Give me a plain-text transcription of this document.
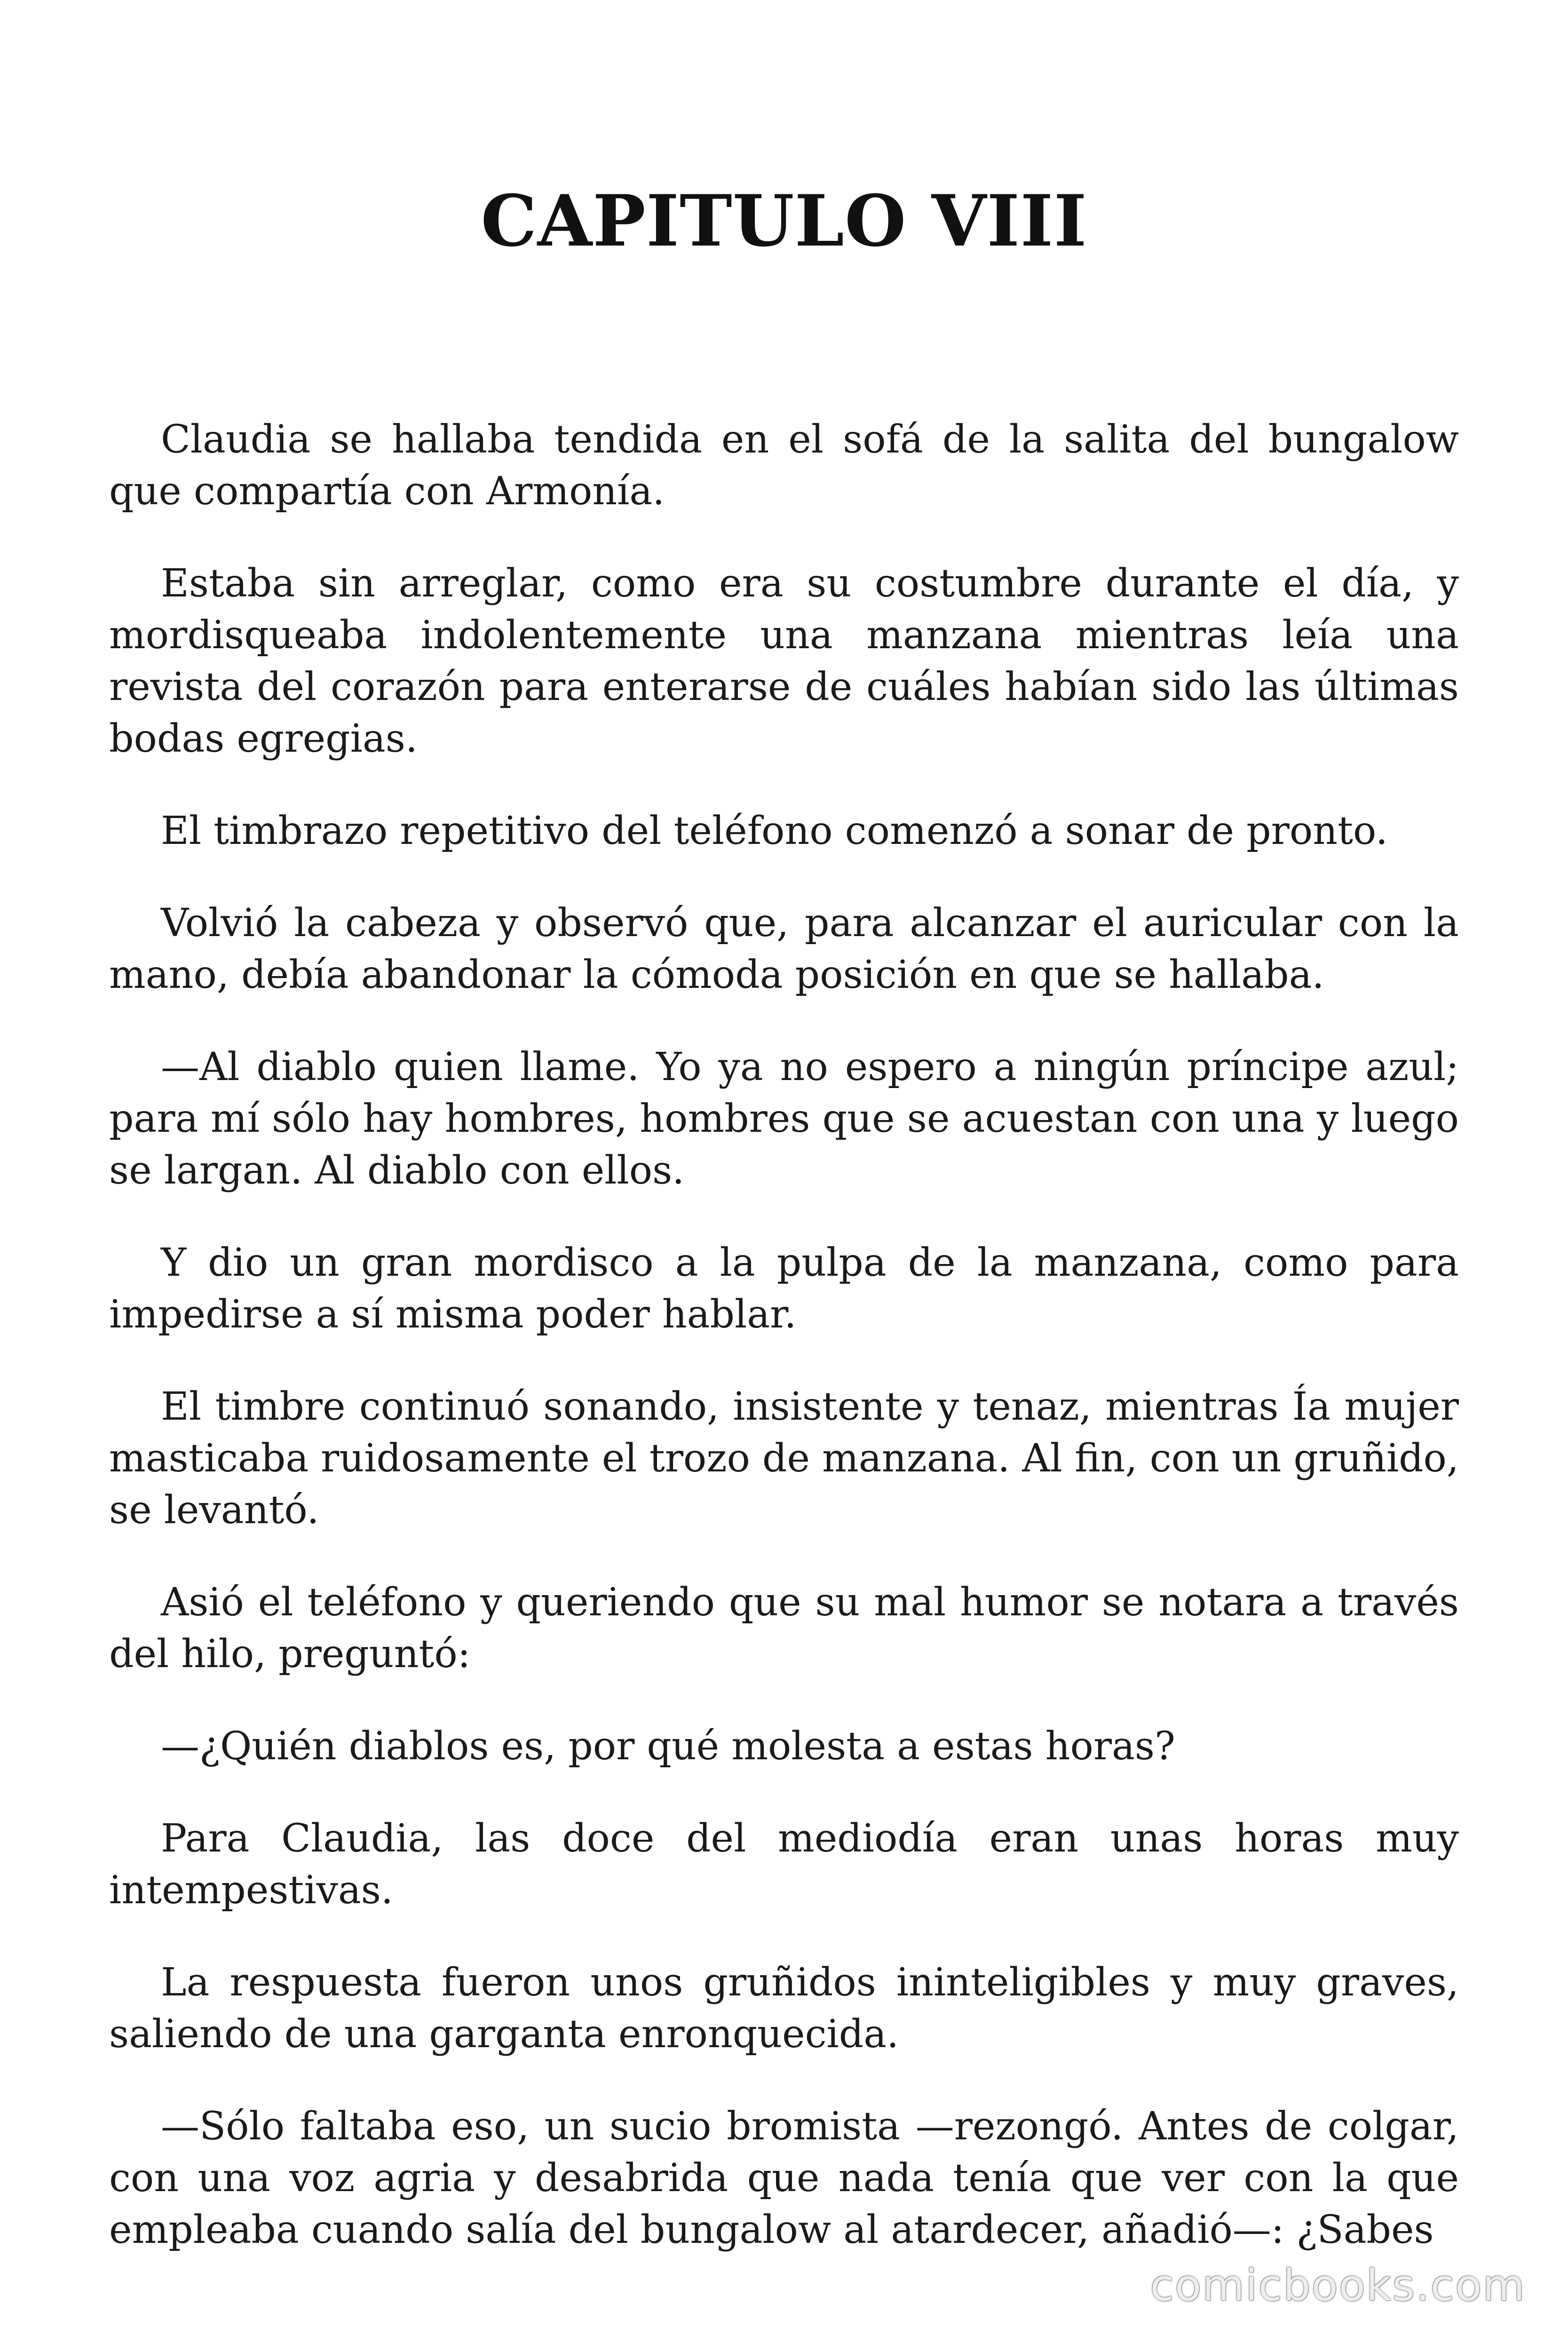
CAPITULO VIII

Claudia se hallaba tendida en el sofá de la salita del bungalow que compartía con Armonía.

Estaba sin arreglar, como era su costumbre durante el día, y mordisqueaba indolentemente una manzana mientras leía una revista del corazón para enterarse de cuáles habían sido las últimas bodas egregias.

El timbrazo repetitivo del teléfono comenzó a sonar de pronto.

Volvió la cabeza y observó que, para alcanzar el auricular con la mano, debía abandonar la cómoda posición en que se hallaba.

—Al diablo quien llame. Yo ya no espero a ningún príncipe azul; para mí sólo hay hombres, hombres que se acuestan con una y luego se largan. Al diablo con ellos.

Y dio un gran mordisco a la pulpa de la manzana, como para impedirse a sí misma poder hablar.

El timbre continuó sonando, insistente y tenaz, mientras Ía mujer masticaba ruidosamente el trozo de manzana. Al fin, con un gruñido, se levantó.

Asió el teléfono y queriendo que su mal humor se notara a través del hilo, preguntó:

—¿Quién diablos es, por qué molesta a estas horas?

Para Claudia, las doce del mediodía eran unas horas muy intempestivas.

La respuesta fueron unos gruñidos ininteligibles y muy graves, saliendo de una garganta enronquecida.

—Sólo faltaba eso, un sucio bromista —rezongó. Antes de colgar, con una voz agria y desabrida que nada tenía que ver con la que empleaba cuando salía del bungalow al atardecer, añadió—: ¿Sabes

comicbooks.com
